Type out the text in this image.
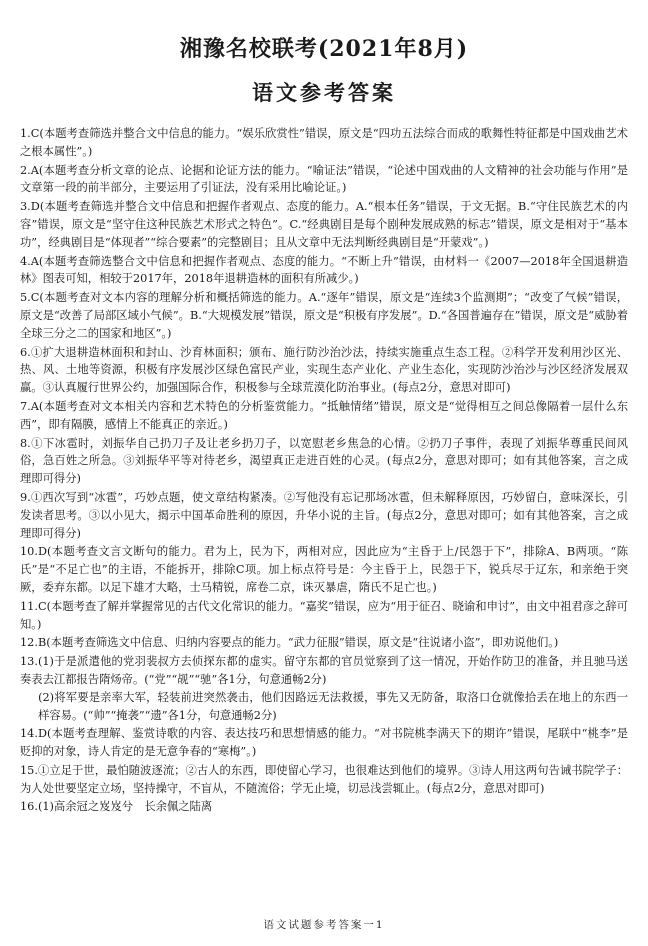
湘豫名校联考(2021年8月)
语文参考答案
1.C(本题考查筛选并整合文中信息的能力。“娱乐欣赏性”错误，原文是“四功五法综合而成的歌舞性特征都是中国戏曲艺术之根本属性”。)
2.A(本题考查分析文章的论点、论据和论证方法的能力。“喻证法”错误，“论述中国戏曲的人文精神的社会功能与作用”是文章第一段的前半部分，主要运用了引证法，没有采用比喻论证。)
3.D(本题考查筛选并整合文中信息和把握作者观点、态度的能力。A.“根本任务”错误，于文无据。B.“守住民族艺术的内容”错误，原文是“坚守住这种民族艺术形式之特色”。C.“经典剧目是每个剧种发展成熟的标志”错误，原文是相对于“基本功”，经典剧目是“体现者”“综合要素”的完整剧目；且从文章中无法判断经典剧目是“开蒙戏”。)
4.A(本题考查筛选整合文中信息和把握作者观点、态度的能力。“不断上升”错误，由材料一《2007—2018年全国退耕造林》图表可知，相较于2017年，2018年退耕造林的面积有所减少。)
5.C(本题考查对文本内容的理解分析和概括筛选的能力。A.“逐年”错误，原文是“连续3个监测期”；“改变了气候”错误，原文是“改善了局部区域小气候”。B.“大规模发展”错误，原文是“积极有序发展”。D.“各国普遍存在”错误，原文是“威胁着全球三分之二的国家和地区”。)
6.①扩大退耕造林面积和封山、沙育林面积；颁布、施行防沙治沙法，持续实施重点生态工程。②科学开发利用沙区光、热、风、土地等资源，积极有序发展沙区绿色富民产业，实现生态产业化、产业生态化，实现防沙治沙与沙区经济发展双赢。③认真履行世界公约，加强国际合作，积极参与全球荒漠化防治事业。(每点2分，意思对即可)
7.A(本题考查对文本相关内容和艺术特色的分析鉴赏能力。“抵触情绪”错误，原文是“觉得相互之间总像隔着一层什么东西”，即有隔膜，感情上不能真正的亲近。)
8.①下冰雹时，刘振华自己扔刀子及让老乡扔刀子，以宽慰老乡焦急的心情。②扔刀子事件，表现了刘振华尊重民间风俗，急百姓之所急。③刘振华平等对待老乡，渴望真正走进百姓的心灵。(每点2分，意思对即可；如有其他答案，言之成理即可得分)
9.①西次写到“冰雹”，巧妙点题，使文章结构紧凑。②写他没有忘记那场冰雹，但未解释原因，巧妙留白，意味深长，引发读者思考。③以小见大，揭示中国革命胜利的原因，升华小说的主旨。(每点2分，意思对即可；如有其他答案，言之成理即可得分)
10.D(本题考查文言文断句的能力。君为上，民为下，两相对应，因此应为“主昏于上/民怨于下”，排除A、B两项。“陈氏”是“不足亡也”的主语，不能拆开，排除C项。加上标点符号是：今主昏于上，民怨于下，锐兵尽于辽东，和亲绝于突厥，委弃东都。以足下雄才大略，士马精锐，席卷二京，诛灭暴虐，隋氏不足亡也。)
11.C(本题考查了解并掌握常见的古代文化常识的能力。“嘉奖”错误，应为“用于征召、晓谕和申讨”，由文中祖君彦之辞可知。)
12.B(本题考查筛选文中信息、归纳内容要点的能力。“武力征服”错误，原文是“往说诸小盗”，即劝说他们。)
13.(1)于是派遣他的党羽裴叔方去侦探东都的虚实。留守东都的官员觉察到了这一情况，开始作防卫的准备，并且驰马送奏表去江都报告隋炀帝。(“党”“觇”“驰”各1分，句意通畅2分)
(2)将军要是亲率大军，轻装前进突然袭击，他们因路远无法救援，事先又无防备，取洛口仓就像拾丢在地上的东西一样容易。(“帅”“掩袭”“遗”各1分，句意通畅2分)
14.D(本题考查理解、鉴赏诗歌的内容、表达技巧和思想情感的能力。“对书院桃李满天下的期许”错误，尾联中“桃李”是贬抑的对象，诗人肯定的是无意争春的“寒梅”。)
15.①立足于世，最怕随波逐流；②古人的东西，即使留心学习，也很难达到他们的境界。③诗人用这两句告诫书院学子：为人处世要坚定立场，坚持操守，不盲从，不随流俗；学无止境，切忌浅尝辄止。(每点2分，意思对即可)
16.(1)高余冠之岌岌兮　长余佩之陆离
语文试题参考答案一1
